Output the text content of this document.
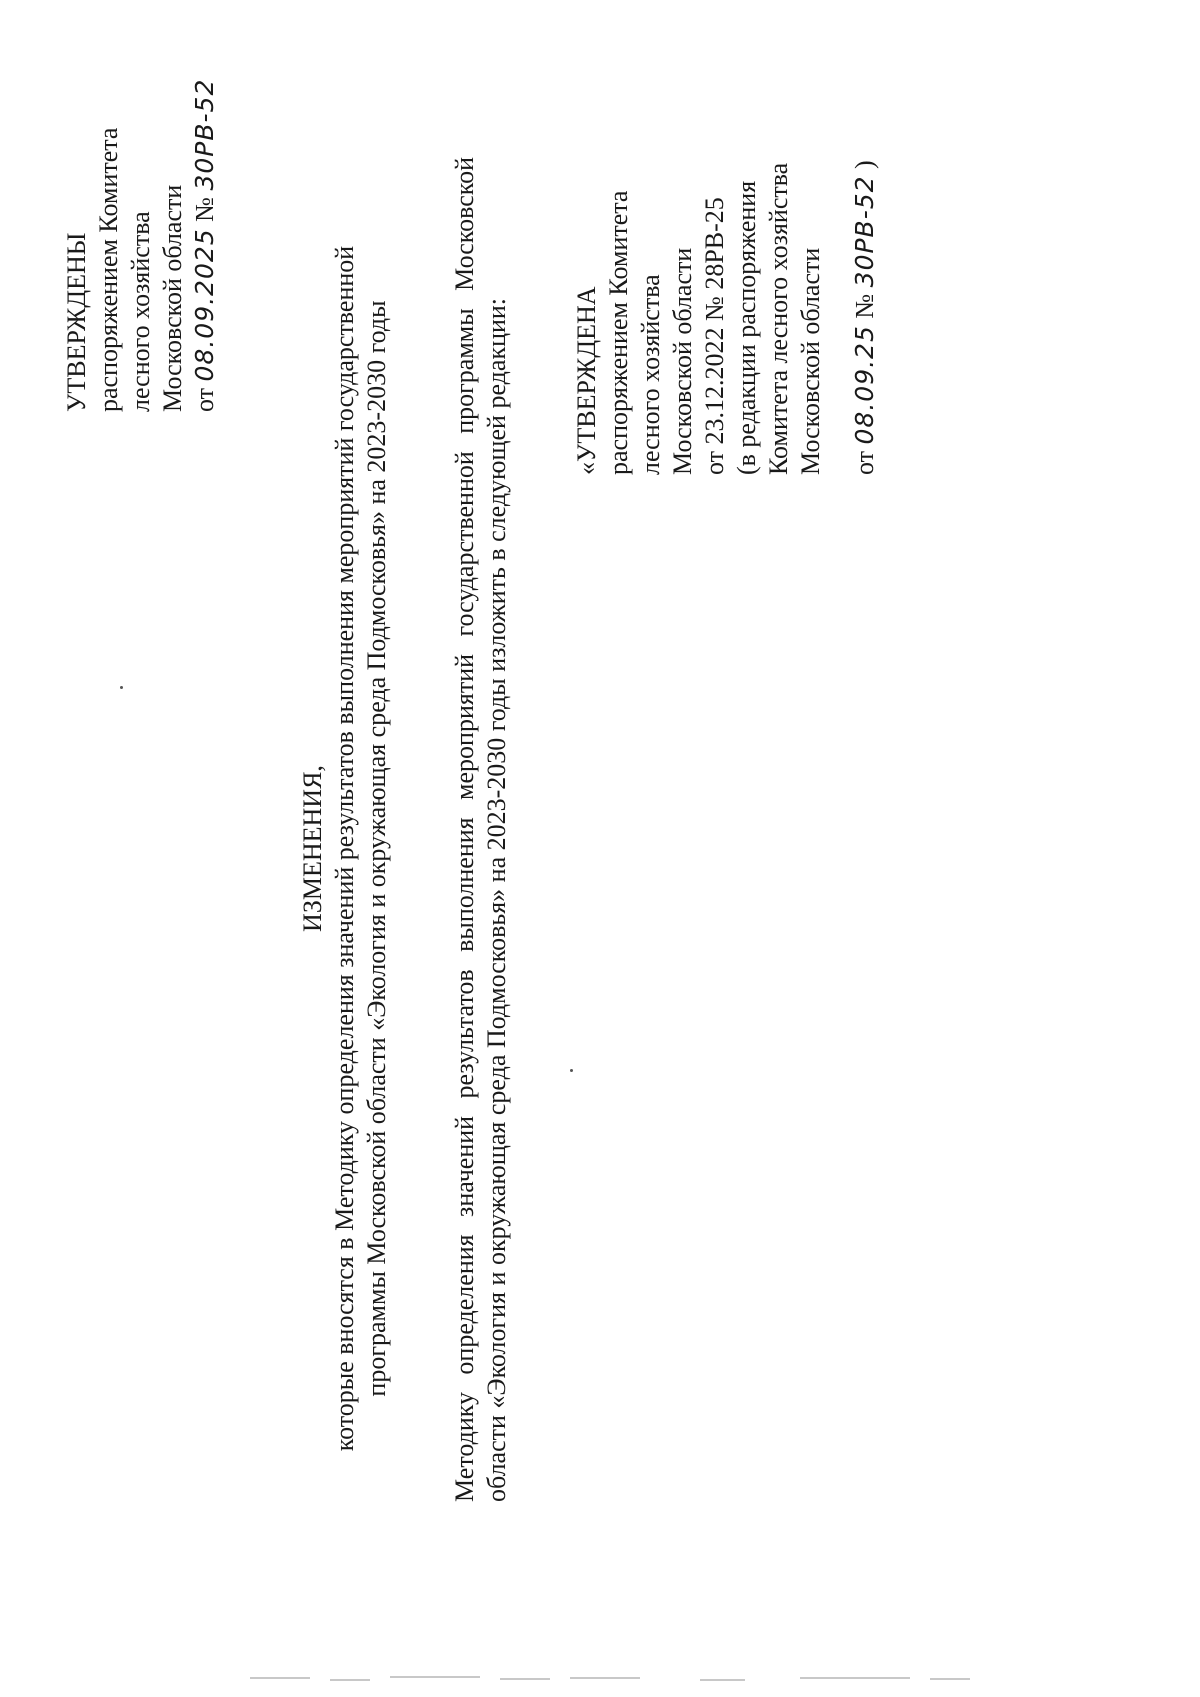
УТВЕРЖДЕНЫ распоряжением Комитета лесного хозяйства Московской области от 08.09.2025 № 30РВ-52
ИЗМЕНЕНИЯ, которые вносятся в Методику определения значений результатов выполнения мероприятий государственной программы Московской области «Экология и окружающая среда Подмосковья» на 2023-2030 годы Методику определения значений результатов выполнения мероприятий государственной программы Московской области «Экология и окружающая среда Подмосковья» на 2023-2030 годы изложить в следующей редакции: «УТВЕРЖДЕНА распоряжением Комитета лесного хозяйства Московской области от 23.12.2022 № 28РВ-25 (в редакции распоряжения Комитета лесного хозяйства Московской области от 08.09.25 № 30РВ-52 )
